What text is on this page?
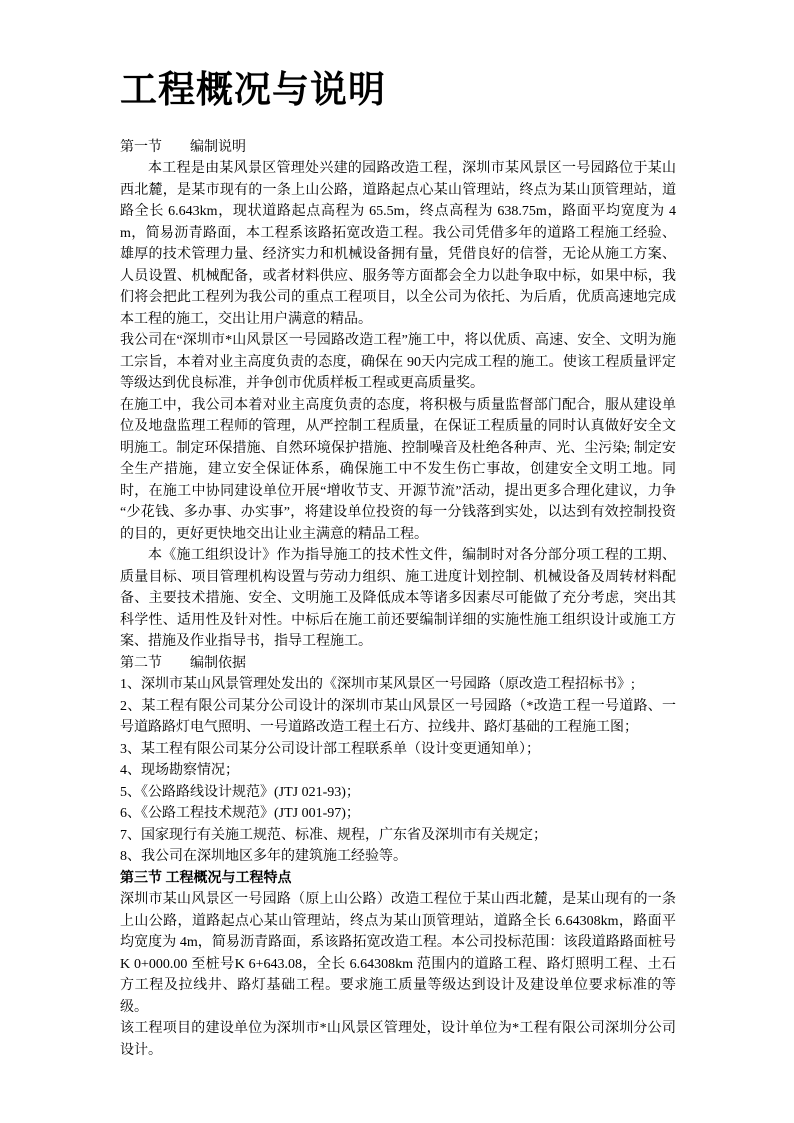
工程概况与说明
第一节　　编制说明

本工程是由某风景区管理处兴建的园路改造工程，深圳市某风景区一号园路位于某山西北麓，是某市现有的一条上山公路，道路起点心某山管理站，终点为某山顶管理站，道路全长 6.643km，现状道路起点高程为 65.5m，终点高程为 638.75m，路面平均宽度为 4m，简易沥青路面，本工程系该路拓宽改造工程。我公司凭借多年的道路工程施工经验、雄厚的技术管理力量、经济实力和机械设备拥有量，凭借良好的信誉，无论从施工方案、人员设置、机械配备，或者材料供应、服务等方面都会全力以赴争取中标，如果中标，我们将会把此工程列为我公司的重点工程项目，以全公司为依托、为后盾，优质高速地完成本工程的施工，交出让用户满意的精品。

我公司在“深圳市*山风景区一号园路改造工程”施工中，将以优质、高速、安全、文明为施工宗旨，本着对业主高度负责的态度，确保在 90天内完成工程的施工。使该工程质量评定等级达到优良标准，并争创市优质样板工程或更高质量奖。

在施工中，我公司本着对业主高度负责的态度，将积极与质量监督部门配合，服从建设单位及地盘监理工程师的管理，从严控制工程质量，在保证工程质量的同时认真做好安全文明施工。制定环保措施、自然环境保护措施、控制噪音及杜绝各种声、光、尘污染; 制定安全生产措施，建立安全保证体系，确保施工中不发生伤亡事故，创建安全文明工地。同时，在施工中协同建设单位开展“增收节支、开源节流”活动，提出更多合理化建议，力争“少花钱、多办事、办实事”，将建设单位投资的每一分钱落到实处，以达到有效控制投资的目的，更好更快地交出让业主满意的精品工程。

本《施工组织设计》作为指导施工的技术性文件，编制时对各分部分项工程的工期、质量目标、项目管理机构设置与劳动力组织、施工进度计划控制、机械设备及周转材料配备、主要技术措施、安全、文明施工及降低成本等诸多因素尽可能做了充分考虑，突出其科学性、适用性及针对性。中标后在施工前还要编制详细的实施性施工组织设计或施工方案、措施及作业指导书，指导工程施工。

第二节　　编制依据

1、深圳市某山风景管理处发出的《深圳市某风景区一号园路（原改造工程招标书》;

2、某工程有限公司某分公司设计的深圳市某山风景区一号园路（*改造工程一号道路、一号道路路灯电气照明、一号道路改造工程土石方、拉线井、路灯基础的工程施工图；

3、某工程有限公司某分公司设计部工程联系单（设计变更通知单）；

4、现场勘察情况；

5、《公路路线设计规范》(JTJ 021-93)；

6、《公路工程技术规范》(JTJ 001-97)；

7、国家现行有关施工规范、标准、规程，广东省及深圳市有关规定；

8、我公司在深圳地区多年的建筑施工经验等。

第三节 工程概况与工程特点

深圳市某山风景区一号园路（原上山公路）改造工程位于某山西北麓，是某山现有的一条上山公路，道路起点心某山管理站，终点为某山顶管理站，道路全长 6.64308km，路面平均宽度为 4m，简易沥青路面，系该路拓宽改造工程。本公司投标范围：该段道路路面桩号K 0+000.00 至桩号K 6+643.08，全长 6.64308km 范围内的道路工程、路灯照明工程、土石方工程及拉线井、路灯基础工程。要求施工质量等级达到设计及建设单位要求标准的等级。

该工程项目的建设单位为深圳市*山风景区管理处，设计单位为*工程有限公司深圳分公司设计。
